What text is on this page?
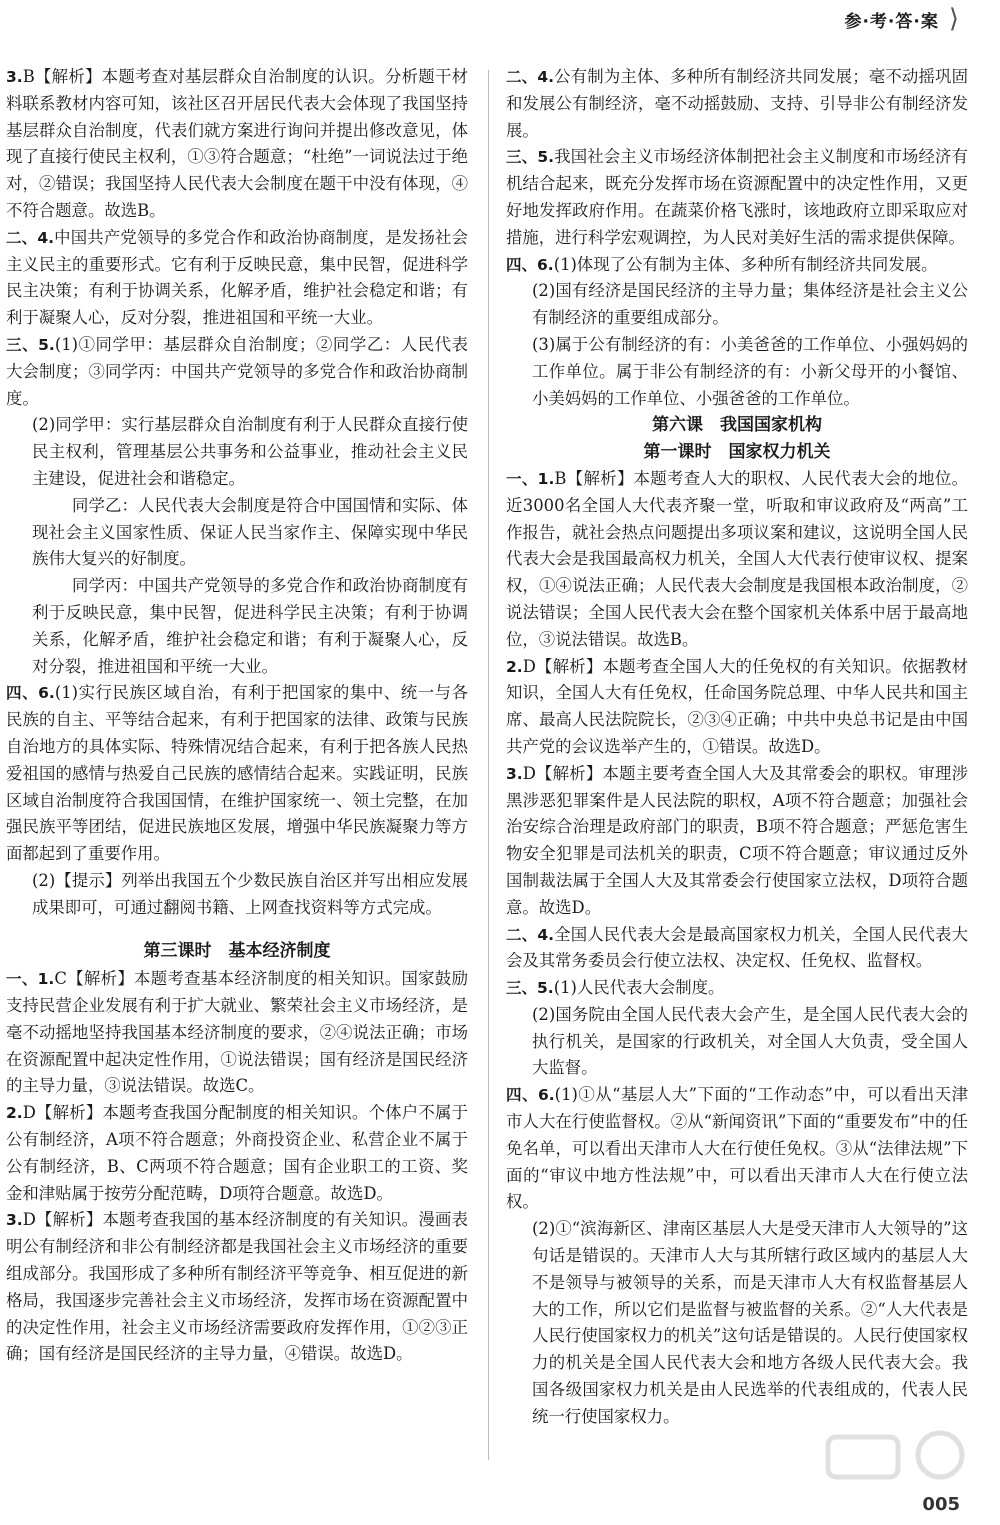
参·考·答·案 ⟩
3.B【解析】本题考查对基层群众自治制度的认识。分析题干材料联系教材内容可知，该社区召开居民代表大会体现了我国坚持基层群众自治制度，代表们就方案进行询问并提出修改意见，体现了直接行使民主权利，①③符合题意；“杜绝”一词说法过于绝对，②错误；我国坚持人民代表大会制度在题干中没有体现，④不符合题意。故选B。
二、4.中国共产党领导的多党合作和政治协商制度，是发扬社会主义民主的重要形式。它有利于反映民意，集中民智，促进科学民主决策；有利于协调关系，化解矛盾，维护社会稳定和谐；有利于凝聚人心，反对分裂，推进祖国和平统一大业。
三、5.(1)①同学甲：基层群众自治制度；②同学乙：人民代表大会制度；③同学丙：中国共产党领导的多党合作和政治协商制度。
(2)同学甲：实行基层群众自治制度有利于人民群众直接行使民主权利，管理基层公共事务和公益事业，推动社会主义民主建设，促进社会和谐稳定。
同学乙：人民代表大会制度是符合中国国情和实际、体现社会主义国家性质、保证人民当家作主、保障实现中华民族伟大复兴的好制度。
同学丙：中国共产党领导的多党合作和政治协商制度有利于反映民意，集中民智，促进科学民主决策；有利于协调关系，化解矛盾，维护社会稳定和谐；有利于凝聚人心，反对分裂，推进祖国和平统一大业。
四、6.(1)实行民族区域自治，有利于把国家的集中、统一与各民族的自主、平等结合起来，有利于把国家的法律、政策与民族自治地方的具体实际、特殊情况结合起来，有利于把各族人民热爱祖国的感情与热爱自己民族的感情结合起来。实践证明，民族区域自治制度符合我国国情，在维护国家统一、领土完整，在加强民族平等团结，促进民族地区发展，增强中华民族凝聚力等方面都起到了重要作用。
(2)【提示】列举出我国五个少数民族自治区并写出相应发展成果即可，可通过翻阅书籍、上网查找资料等方式完成。
第三课时　基本经济制度
一、1.C【解析】本题考查基本经济制度的相关知识。国家鼓励支持民营企业发展有利于扩大就业、繁荣社会主义市场经济，是毫不动摇地坚持我国基本经济制度的要求，②④说法正确；市场在资源配置中起决定性作用，①说法错误；国有经济是国民经济的主导力量，③说法错误。故选C。
2.D【解析】本题考查我国分配制度的相关知识。个体户不属于公有制经济，A项不符合题意；外商投资企业、私营企业不属于公有制经济，B、C两项不符合题意；国有企业职工的工资、奖金和津贴属于按劳分配范畴，D项符合题意。故选D。
3.D【解析】本题考查我国的基本经济制度的有关知识。漫画表明公有制经济和非公有制经济都是我国社会主义市场经济的重要组成部分。我国形成了多种所有制经济平等竞争、相互促进的新格局，我国逐步完善社会主义市场经济，发挥市场在资源配置中的决定性作用，社会主义市场经济需要政府发挥作用，①②③正确；国有经济是国民经济的主导力量，④错误。故选D。
二、4.公有制为主体、多种所有制经济共同发展；毫不动摇巩固和发展公有制经济，毫不动摇鼓励、支持、引导非公有制经济发展。
三、5.我国社会主义市场经济体制把社会主义制度和市场经济有机结合起来，既充分发挥市场在资源配置中的决定性作用，又更好地发挥政府作用。在蔬菜价格飞涨时，该地政府立即采取应对措施，进行科学宏观调控，为人民对美好生活的需求提供保障。
四、6.(1)体现了公有制为主体、多种所有制经济共同发展。
(2)国有经济是国民经济的主导力量；集体经济是社会主义公有制经济的重要组成部分。
(3)属于公有制经济的有：小美爸爸的工作单位、小强妈妈的工作单位。属于非公有制经济的有：小新父母开的小餐馆、小美妈妈的工作单位、小强爸爸的工作单位。
第六课　我国国家机构
第一课时　国家权力机关
一、1.B【解析】本题考查人大的职权、人民代表大会的地位。近3000名全国人大代表齐聚一堂，听取和审议政府及“两高”工作报告，就社会热点问题提出多项议案和建议，这说明全国人民代表大会是我国最高权力机关，全国人大代表行使审议权、提案权，①④说法正确；人民代表大会制度是我国根本政治制度，②说法错误；全国人民代表大会在整个国家机关体系中居于最高地位，③说法错误。故选B。
2.D【解析】本题考查全国人大的任免权的有关知识。依据教材知识，全国人大有任免权，任命国务院总理、中华人民共和国主席、最高人民法院院长，②③④正确；中共中央总书记是由中国共产党的会议选举产生的，①错误。故选D。
3.D【解析】本题主要考查全国人大及其常委会的职权。审理涉黑涉恶犯罪案件是人民法院的职权，A项不符合题意；加强社会治安综合治理是政府部门的职责，B项不符合题意；严惩危害生物安全犯罪是司法机关的职责，C项不符合题意；审议通过反外国制裁法属于全国人大及其常委会行使国家立法权，D项符合题意。故选D。
二、4.全国人民代表大会是最高国家权力机关，全国人民代表大会及其常务委员会行使立法权、决定权、任免权、监督权。
三、5.(1)人民代表大会制度。
(2)国务院由全国人民代表大会产生，是全国人民代表大会的执行机关，是国家的行政机关，对全国人大负责，受全国人大监督。
四、6.(1)①从“基层人大”下面的“工作动态”中，可以看出天津市人大在行使监督权。②从“新闻资讯”下面的“重要发布”中的任免名单，可以看出天津市人大在行使任免权。③从“法律法规”下面的“审议中地方性法规”中，可以看出天津市人大在行使立法权。
(2)①“滨海新区、津南区基层人大是受天津市人大领导的”这句话是错误的。天津市人大与其所辖行政区域内的基层人大不是领导与被领导的关系，而是天津市人大有权监督基层人大的工作，所以它们是监督与被监督的关系。②“人大代表是人民行使国家权力的机关”这句话是错误的。人民行使国家权力的机关是全国人民代表大会和地方各级人民代表大会。我国各级国家权力机关是由人民选举的代表组成的，代表人民统一行使国家权力。
005
